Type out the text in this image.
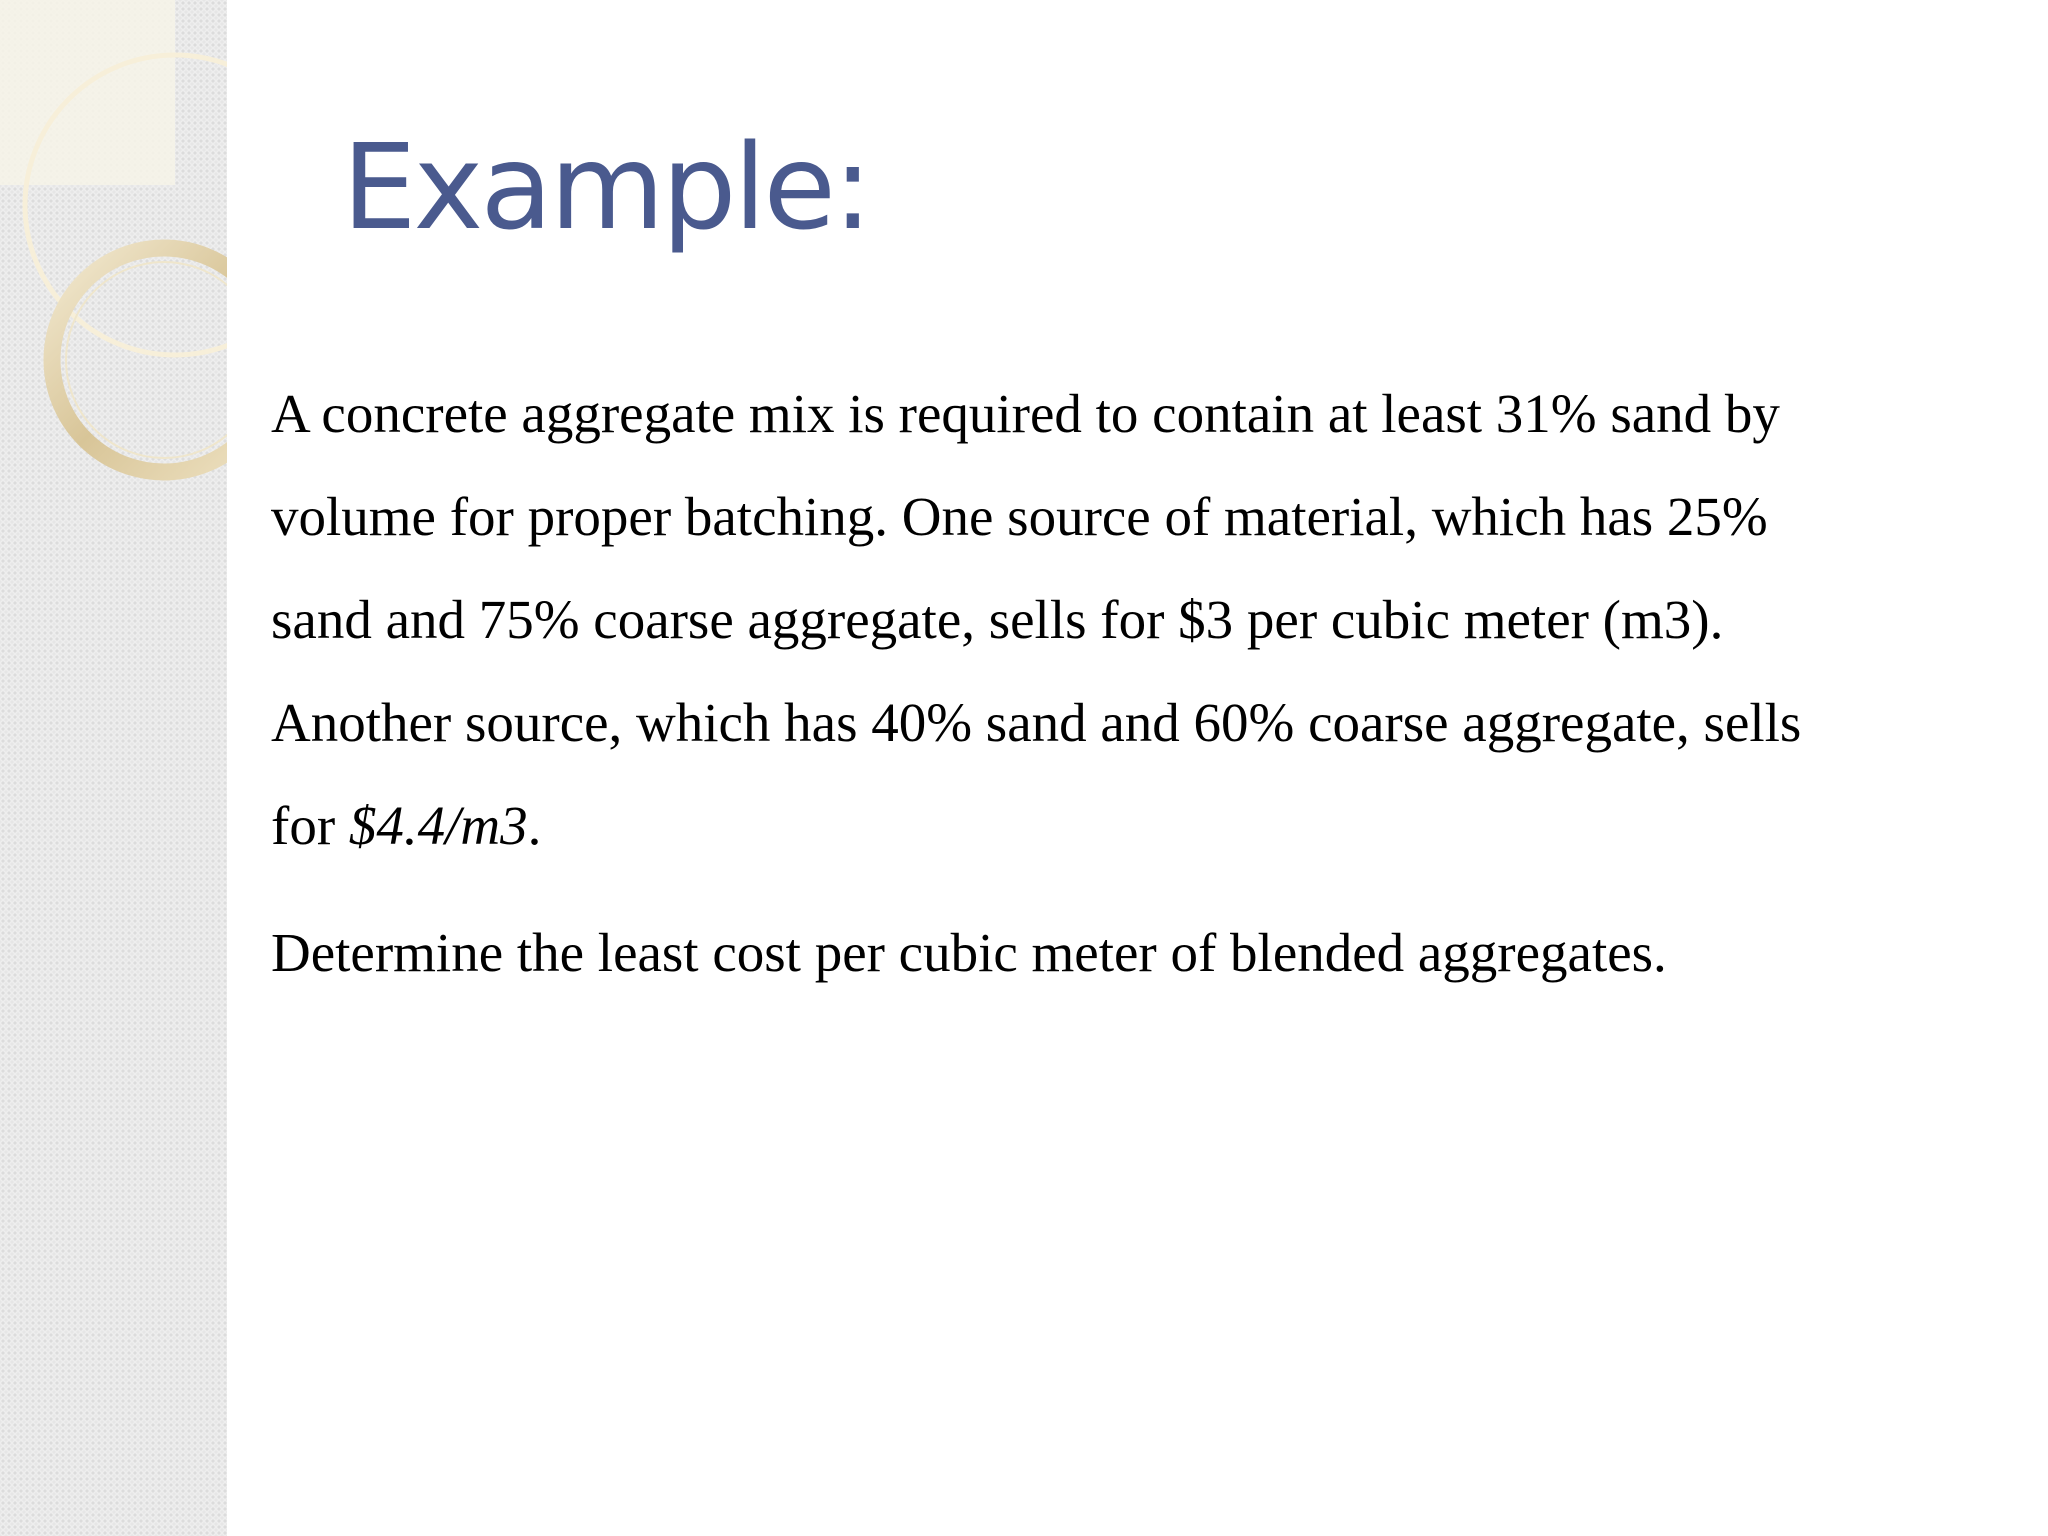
Example:

A concrete aggregate mix is required to contain at least 31% sand by
volume for proper batching. One source of material, which has 25%
sand and 75% coarse aggregate, sells for $3 per cubic meter (m3).
Another source, which has 40% sand and 60% coarse aggregate, sells
for $4.4/m3.

Determine the least cost per cubic meter of blended aggregates.
